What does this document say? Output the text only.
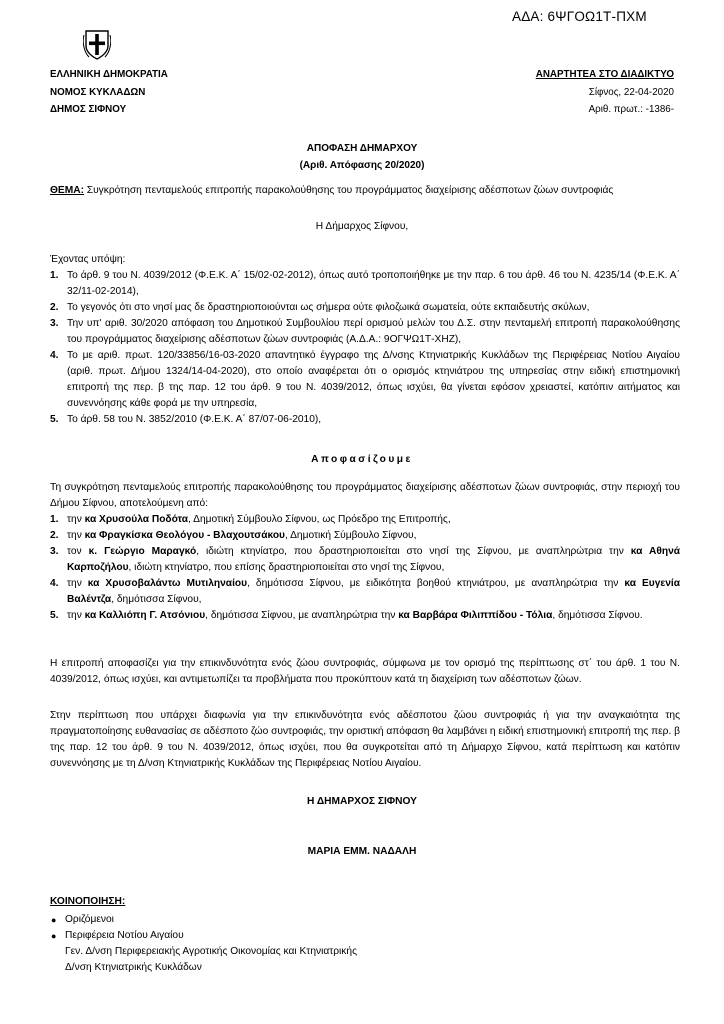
ΑΔΑ: 6ΨΓΟΩ1Τ-ΠΧΜ
ΕΛΛΗΝΙΚΗ ΔΗΜΟΚΡΑΤΙΑ
ΝΟΜΟΣ ΚΥΚΛΑΔΩΝ
ΔΗΜΟΣ ΣΙΦΝΟΥ
ΑΝΑΡΤΗΤΕΑ ΣΤΟ ΔΙΑΔΙΚΤΥΟ
Σίφνος, 22-04-2020
Αριθ. πρωτ.: -1386-
ΑΠΟΦΑΣΗ ΔΗΜΑΡΧΟΥ
(Αριθ. Απόφασης 20/2020)
ΘΕΜΑ: Συγκρότηση πενταμελούς επιτροπής παρακολούθησης του προγράμματος διαχείρισης αδέσποτων ζώων συντροφιάς
Η Δήμαρχος Σίφνου,
Έχοντας υπόψη:
1. Το άρθ. 9 του Ν. 4039/2012 (Φ.Ε.Κ. Α΄ 15/02-02-2012), όπως αυτό τροποποιήθηκε με την παρ. 6 του άρθ. 46 του Ν. 4235/14 (Φ.Ε.Κ. Α΄ 32/11-02-2014),
2. Το γεγονός ότι στο νησί μας δε δραστηριοποιούνται ως σήμερα ούτε φιλοζωικά σωματεία, ούτε εκπαιδευτής σκύλων,
3. Την υπ' αριθ. 30/2020 απόφαση του Δημοτικού Συμβουλίου περί ορισμού μελών του Δ.Σ. στην πενταμελή επιτροπή παρακολούθησης του προγράμματος διαχείρισης αδέσποτων ζώων συντροφιάς (Α.Δ.Α.: 9ΟΓΨΩ1Τ-ΧΗΖ),
4. Το με αριθ. πρωτ. 120/33856/16-03-2020 απαντητικό έγγραφο της Δ/νσης Κτηνιατρικής Κυκλάδων της Περιφέρειας Νοτίου Αιγαίου (αριθ. πρωτ. Δήμου 1324/14-04-2020), στο οποίο αναφέρεται ότι ο ορισμός κτηνιάτρου της υπηρεσίας στην ειδική επιστημονική επιτροπή της περ. β της παρ. 12 του άρθ. 9 του Ν. 4039/2012, όπως ισχύει, θα γίνεται εφόσον χρειαστεί, κατόπιν αιτήματος και συνεννόησης κάθε φορά με την υπηρεσία,
5. Το άρθ. 58 του Ν. 3852/2010 (Φ.Ε.Κ. Α΄ 87/07-06-2010),
Αποφασίζουμε
Τη συγκρότηση πενταμελούς επιτροπής παρακολούθησης του προγράμματος διαχείρισης αδέσποτων ζώων συντροφιάς, στην περιοχή του Δήμου Σίφνου, αποτελούμενη από:
1. την κα Χρυσούλα Ποδότα, Δημοτική Σύμβουλο Σίφνου, ως Πρόεδρο της Επιτροπής,
2. την κα Φραγκίσκα Θεολόγου - Βλαχουτσάκου, Δημοτική Σύμβουλο Σίφνου,
3. τον κ. Γεώργιο Μαραγκό, ιδιώτη κτηνίατρο, που δραστηριοποιείται στο νησί της Σίφνου, με αναπληρώτρια την κα Αθηνά Καρποζήλου, ιδιώτη κτηνίατρο, που επίσης δραστηριοποιείται στο νησί της Σίφνου,
4. την κα Χρυσοβαλάντω Μυτιληναίου, δημότισσα Σίφνου, με ειδικότητα βοηθού κτηνιάτρου, με αναπληρώτρια την κα Ευγενία Βαλέντζα, δημότισσα Σίφνου,
5. την κα Καλλιόπη Γ. Ατσόνιου, δημότισσα Σίφνου, με αναπληρώτρια την κα Βαρβάρα Φιλιππίδου - Τόλια, δημότισσα Σίφνου.
Η επιτροπή αποφασίζει για την επικινδυνότητα ενός ζώου συντροφιάς, σύμφωνα με τον ορισμό της περίπτωσης στ΄ του άρθ. 1 του Ν. 4039/2012, όπως ισχύει, και αντιμετωπίζει τα προβλήματα που προκύπτουν κατά τη διαχείριση των αδέσποτων ζώων.
Στην περίπτωση που υπάρχει διαφωνία για την επικινδυνότητα ενός αδέσποτου ζώου συντροφιάς ή για την αναγκαιότητα της πραγματοποίησης ευθανασίας σε αδέσποτο ζώο συντροφιάς, την οριστική απόφαση θα λαμβάνει η ειδική επιστημονική επιτροπή της περ. β της παρ. 12 του άρθ. 9 του Ν. 4039/2012, όπως ισχύει, που θα συγκροτείται από τη Δήμαρχο Σίφνου, κατά περίπτωση και κατόπιν συνεννόησης με τη Δ/νση Κτηνιατρικής Κυκλάδων της Περιφέρειας Νοτίου Αιγαίου.
Η ΔΗΜΑΡΧΟΣ ΣΙΦΝΟΥ
ΜΑΡΙΑ ΕΜΜ. ΝΑΔΑΛΗ
ΚΟΙΝΟΠΟΙΗΣΗ:
● Οριζόμενοι
● Περιφέρεια Νοτίου Αιγαίου
Γεν. Δ/νση Περιφερειακής Αγροτικής Οικονομίας και Κτηνιατρικής
Δ/νση Κτηνιατρικής Κυκλάδων
